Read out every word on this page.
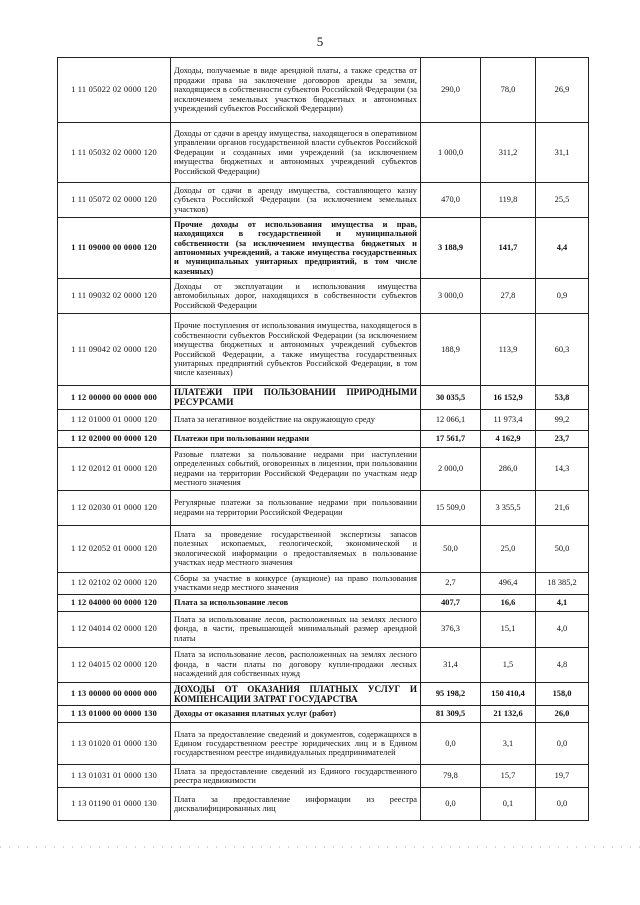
5
1 11 05022 02 0000 120	Доходы, получаемые в виде арендной платы, а также средства от продажи права на заключение договоров аренды за земли, находящиеся в собственности субъектов Российской Федерации (за исключением земельных участков бюджетных и автономных учреждений субъектов Российской Федерации)	290,0	78,0	26,9
1 11 05032 02 0000 120	Доходы от сдачи в аренду имущества, находящегося в оперативном управлении органов государственной власти субъектов Российской Федерации и созданных ими учреждений (за исключением имущества бюджетных и автономных учреждений субъектов Российской Федерации)	1 000,0	311,2	31,1
1 11 05072 02 0000 120	Доходы от сдачи в аренду имущества, составляющего казну субъекта Российской Федерации (за исключением земельных участков)	470,0	119,8	25,5
1 11 09000 00 0000 120	Прочие доходы от использования имущества и прав, находящихся в государственной и муниципальной собственности (за исключением имущества бюджетных и автономных учреждений, а также имущества государственных и муниципальных унитарных предприятий, в том числе казенных)	3 188,9	141,7	4,4
1 11 09032 02 0000 120	Доходы от эксплуатации и использования имущества автомобильных дорог, находящихся в собственности субъектов Российской Федерации	3 000,0	27,8	0,9
1 11 09042 02 0000 120	Прочие поступления от использования имущества, находящегося в собственности субъектов Российской Федерации (за исключением имущества бюджетных и автономных учреждений субъектов Российской Федерации, а также имущества государственных унитарных предприятий субъектов Российской Федерации, в том числе казенных)	188,9	113,9	60,3
1 12 00000 00 0000 000	ПЛАТЕЖИ ПРИ ПОЛЬЗОВАНИИ ПРИРОДНЫМИ РЕСУРСАМИ	30 035,5	16 152,9	53,8
1 12 01000 01 0000 120	Плата за негативное воздействие на окружающую среду	12 066,1	11 973,4	99,2
1 12 02000 00 0000 120	Платежи при пользовании недрами	17 561,7	4 162,9	23,7
1 12 02012 01 0000 120	Разовые платежи за пользование недрами при наступлении определенных событий, оговоренных в лицензии, при пользовании недрами на территории Российской Федерации по участкам недр местного значения	2 000,0	286,0	14,3
1 12 02030 01 0000 120	Регулярные платежи за пользование недрами при пользовании недрами на территории Российской Федерации	15 509,0	3 355,5	21,6
1 12 02052 01 0000 120	Плата за проведение государственной экспертизы запасов полезных ископаемых, геологической, экономической и экологической информации о предоставляемых в пользование участках недр местного значения	50,0	25,0	50,0
1 12 02102 02 0000 120	Сборы за участие в конкурсе (аукционе) на право пользования участками недр местного значения	2,7	496,4	18 385,2
1 12 04000 00 0000 120	Плата за использование лесов	407,7	16,6	4,1
1 12 04014 02 0000 120	Плата за использование лесов, расположенных на землях лесного фонда, в части, превышающей минимальный размер арендной платы	376,3	15,1	4,0
1 12 04015 02 0000 120	Плата за использование лесов, расположенных на землях лесного фонда, в части платы по договору купли-продажи лесных насаждений для собственных нужд	31,4	1,5	4,8
1 13 00000 00 0000 000	ДОХОДЫ ОТ ОКАЗАНИЯ ПЛАТНЫХ УСЛУГ И КОМПЕНСАЦИИ ЗАТРАТ ГОСУДАРСТВА	95 198,2	150 410,4	158,0
1 13 01000 00 0000 130	Доходы от оказания платных услуг (работ)	81 309,5	21 132,6	26,0
1 13 01020 01 0000 130	Плата за предоставление сведений и документов, содержащихся в Едином государственном реестре юридических лиц и в Едином государственном реестре индивидуальных предпринимателей	0,0	3,1	0,0
1 13 01031 01 0000 130	Плата за предоставление сведений из Единого государственного реестра недвижимости	79,8	15,7	19,7
1 13 01190 01 0000 130	Плата за предоставление информации из реестра дисквалифицированных лиц	0,0	0,1	0,0
